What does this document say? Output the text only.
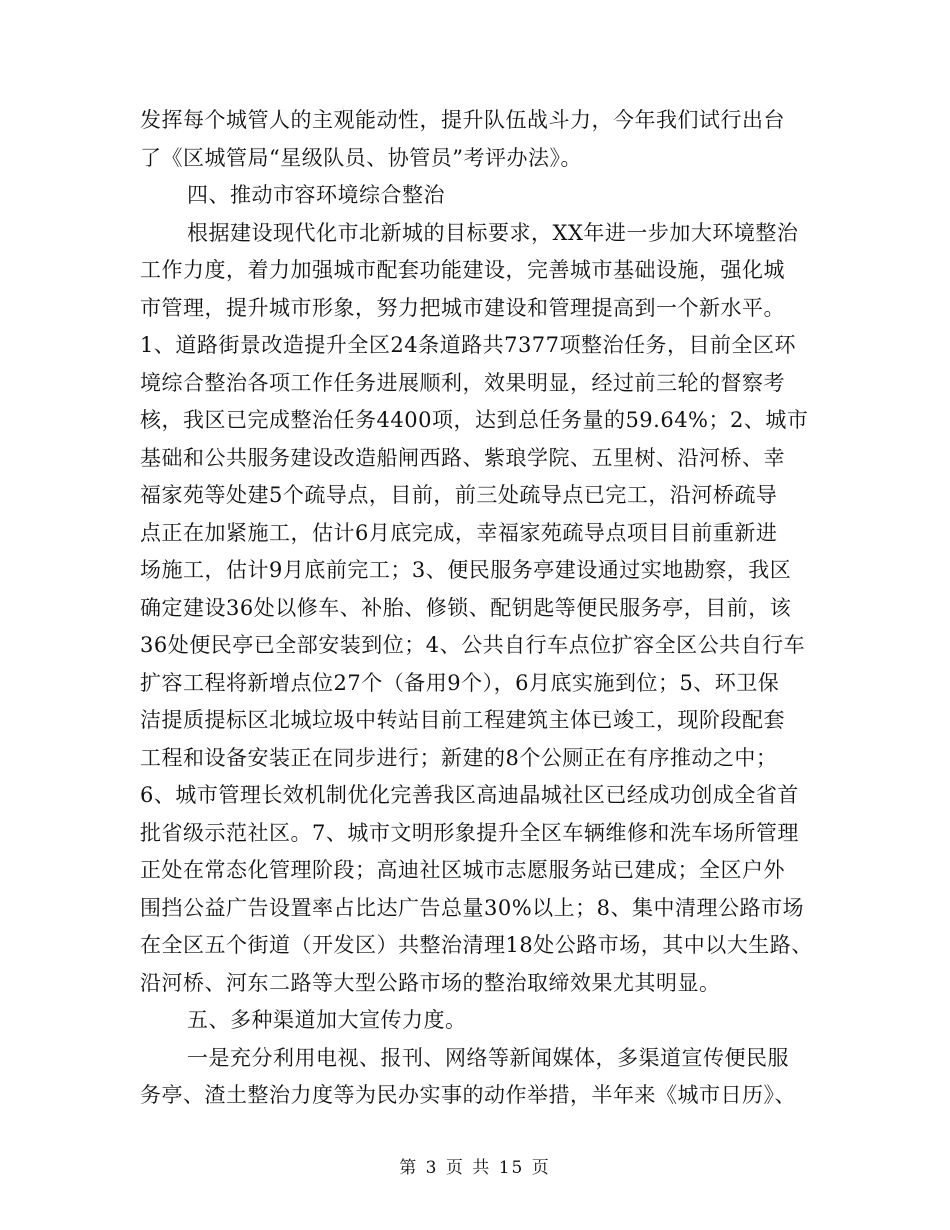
发挥每个城管人的主观能动性，提升队伍战斗力，今年我们试行出台
了《区城管局“星级队员、协管员”考评办法》。
四、推动市容环境综合整治
根据建设现代化市北新城的目标要求，XX年进一步加大环境整治
工作力度，着力加强城市配套功能建设，完善城市基础设施，强化城
市管理，提升城市形象，努力把城市建设和管理提高到一个新水平。
1、道路街景改造提升全区24条道路共7377项整治任务，目前全区环
境综合整治各项工作任务进展顺利，效果明显，经过前三轮的督察考
核，我区已完成整治任务4400项，达到总任务量的59.64%；2、城市
基础和公共服务建设改造船闸西路、紫琅学院、五里树、沿河桥、幸
福家苑等处建5个疏导点，目前，前三处疏导点已完工，沿河桥疏导
点正在加紧施工，估计6月底完成，幸福家苑疏导点项目目前重新进
场施工，估计9月底前完工；3、便民服务亭建设通过实地勘察，我区
确定建设36处以修车、补胎、修锁、配钥匙等便民服务亭，目前，该
36处便民亭已全部安装到位；4、公共自行车点位扩容全区公共自行车
扩容工程将新增点位27个（备用9个），6月底实施到位；5、环卫保
洁提质提标区北城垃圾中转站目前工程建筑主体已竣工，现阶段配套
工程和设备安装正在同步进行；新建的8个公厕正在有序推动之中；
6、城市管理长效机制优化完善我区高迪晶城社区已经成功创成全省首
批省级示范社区。7、城市文明形象提升全区车辆维修和洗车场所管理
正处在常态化管理阶段；高迪社区城市志愿服务站已建成；全区户外
围挡公益广告设置率占比达广告总量30%以上；8、集中清理公路市场
在全区五个街道（开发区）共整治清理18处公路市场，其中以大生路、
沿河桥、河东二路等大型公路市场的整治取缔效果尤其明显。
五、多种渠道加大宣传力度。
一是充分利用电视、报刊、网络等新闻媒体，多渠道宣传便民服
务亭、渣土整治力度等为民办实事的动作举措，半年来《城市日历》、
第 3 页 共 15 页
